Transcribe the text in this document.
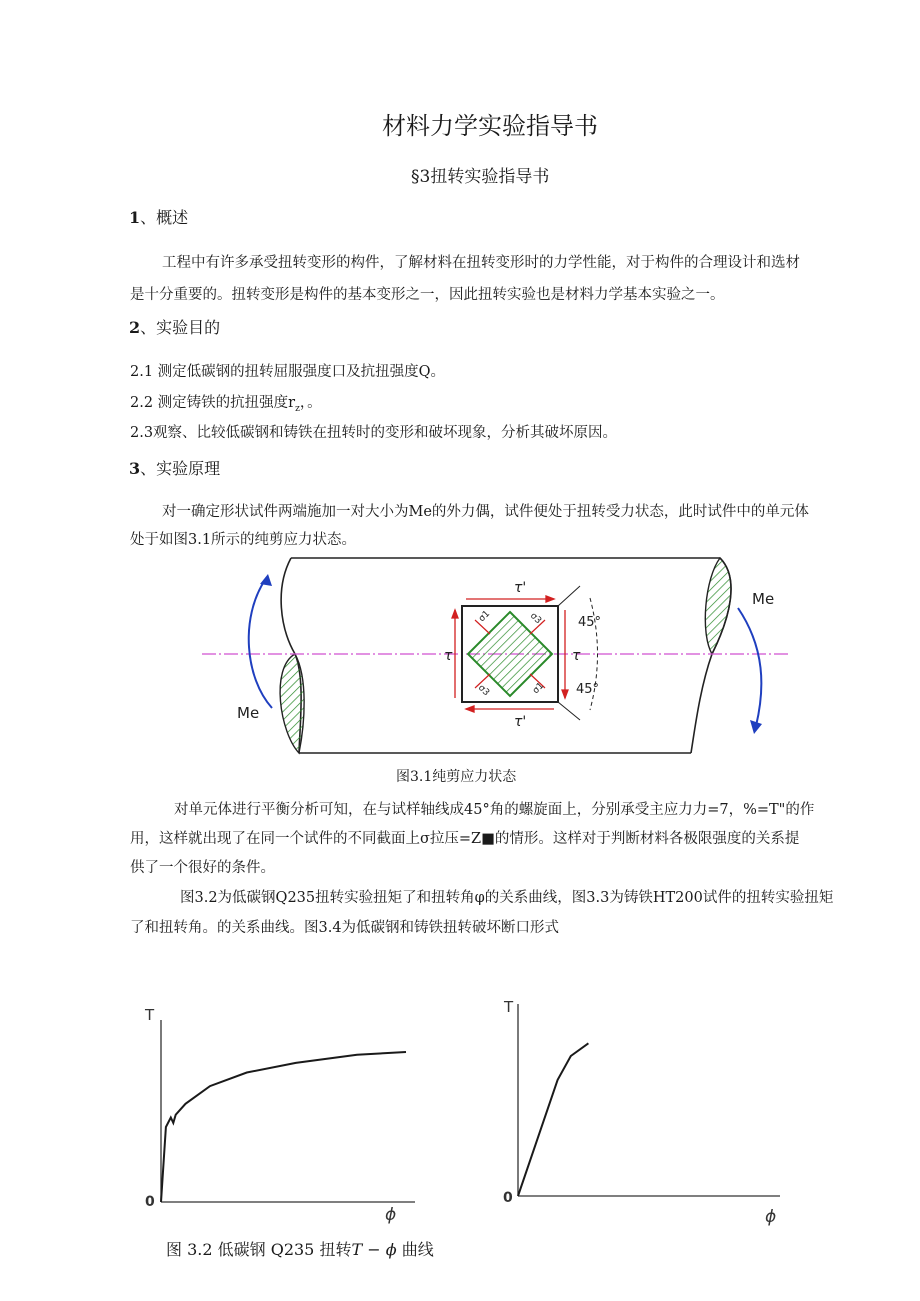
材料力学实验指导书
§3扭转实验指导书
1、概述
工程中有许多承受扭转变形的构件，了解材料在扭转变形时的力学性能，对于构件的合理设计和选材
是十分重要的。扭转变形是构件的基本变形之一，因此扭转实验也是材料力学基本实验之一。
2、实验目的
2.1 测定低碳钢的扭转屈服强度口及抗扭强度Q。
2.2 测定铸铁的抗扭强度$r_z$，。
2.3观察、比较低碳钢和铸铁在扭转时的变形和破坏现象，分析其破坏原因。
3、实验原理
对一确定形状试件两端施加一对大小为Me的外力偶，试件便处于扭转受力状态，此时试件中的单元体
处于如图3.1所示的纯剪应力状态。
τ'
τ'
τ	τ
45°
45°
σ1	σ3
σ3	σ1
Me
Me
图3.1纯剪应力状态
对单元体进行平衡分析可知，在与试样轴线成45°角的螺旋面上，分别承受主应力力=7，%=T"的作
用，这样就出现了在同一个试件的不同截面上σ拉压=Z■的情形。这样对于判断材料各极限强度的关系提
供了一个很好的条件。
图3.2为低碳钢Q235扭转实验扭矩了和扭转角φ的关系曲线，图3.3为铸铁HT200试件的扭转实验扭矩
了和扭转角。的关系曲线。图3.4为低碳钢和铸铁扭转破坏断口形式
T
ϕ
0
图 3.2 低碳钢 Q235 扭转T − ϕ 曲线
T
ϕ
0
